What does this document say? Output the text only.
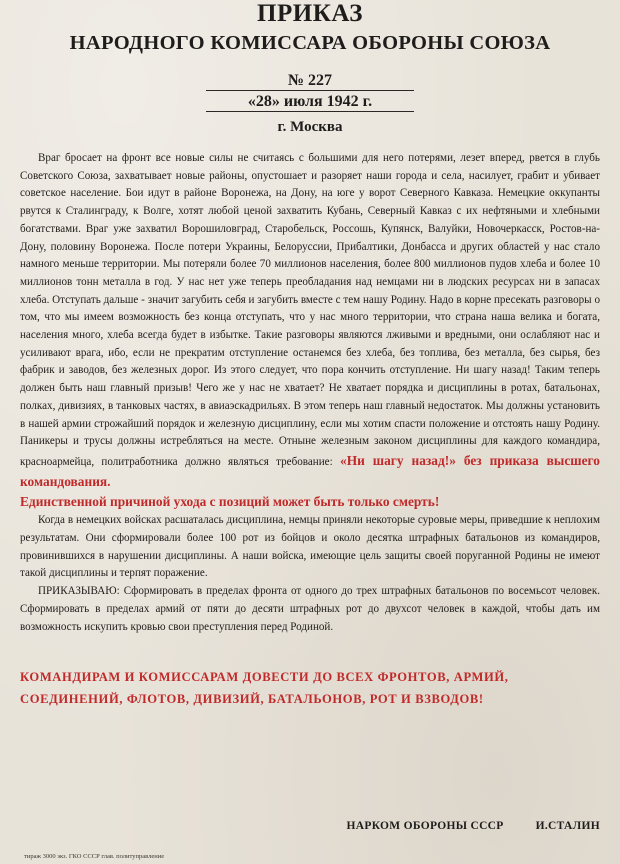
ПРИКАЗ
НАРОДНОГО КОМИССАРА ОБОРОНЫ СОЮЗА
№ 227
«28» июля 1942 г.
г. Москва

Враг бросает на фронт все новые силы не считаясь с большими для него потерями, лезет вперед, рвется в глубь Советского Союза, захватывает новые районы, опустошает и разоряет наши города и села, насилует, грабит и убивает советское население. Бои идут в районе Воронежа, на Дону, на юге у ворот Северного Кавказа. Немецкие оккупанты рвутся к Сталинграду, к Волге, хотят любой ценой захватить Кубань, Северный Кавказ с их нефтяными и хлебными богатствами. Враг уже захватил Ворошиловград, Старобельск, Россошь, Купянск, Валуйки, Новочеркасск, Ростов-на-Дону, половину Воронежа. После потери Украины, Белоруссии, Прибалтики, Донбасса и других областей у нас стало намного меньше территории. Мы потеряли более 70 миллионов населения, более 800 миллионов пудов хлеба и более 10 миллионов тонн металла в год. У нас нет уже теперь преобладания над немцами ни в людских ресурсах ни в запасах хлеба. Отступать дальше - значит загубить себя и загубить вместе с тем нашу Родину. Надо в корне пресекать разговоры о том, что мы имеем возможность без конца отступать, что у нас много территории, что страна наша велика и богата, населения много, хлеба всегда будет в избытке. Такие разговоры являются лживыми и вредными, они ослабляют нас и усиливают врага, ибо, если не прекратим отступление останемся без хлеба, без топлива, без металла, без сырья, без фабрик и заводов, без железных дорог. Из этого следует, что пора кончить отступление. Ни шагу назад! Таким теперь должен быть наш главный призыв! Чего же у нас не хватает? Не хватает порядка и дисциплины в ротах, батальонах, полках, дивизиях, в танковых частях, в авиаэскадрильях. В этом теперь наш главный недостаток. Мы должны установить в нашей армии строжайший порядок и железную дисциплину, если мы хотим спасти положение и отстоять нашу Родину. Паникеры и трусы должны истребляться на месте. Отныне железным законом дисциплины для каждого командира, красноармейца, политработника должно являться требование: «Ни шагу назад!» без приказа высшего командования.
Единственной причиной ухода с позиций может быть только смерть!

Когда в немецких войсках расшаталась дисциплина, немцы приняли некоторые суровые меры, приведшие к неплохим результатам. Они сформировали более 100 рот из бойцов и около десятка штрафных батальонов из командиров, провинившихся в нарушении дисциплины. А наши войска, имеющие цель защиты своей поруганной Родины не имеют такой дисциплины и терпят поражение.

ПРИКАЗЫВАЮ: Сформировать в пределах фронта от одного до трех штрафных батальонов по восемьсот человек. Сформировать в пределах армий от пяти до десяти штрафных рот до двухсот человек в каждой, чтобы дать им возможность искупить кровью свои преступления перед Родиной.

КОМАНДИРАМ И КОМИССАРАМ ДОВЕСТИ ДО ВСЕХ ФРОНТОВ, АРМИЙ, СОЕДИНЕНИЙ, ФЛОТОВ, ДИВИЗИЙ, БАТАЛЬОНОВ, РОТ И ВЗВОДОВ!
НАРКОМ ОБОРОНЫ СССР	И.СТАЛИН
тираж 3000 экз. ГКО СССР глав. политуправление
